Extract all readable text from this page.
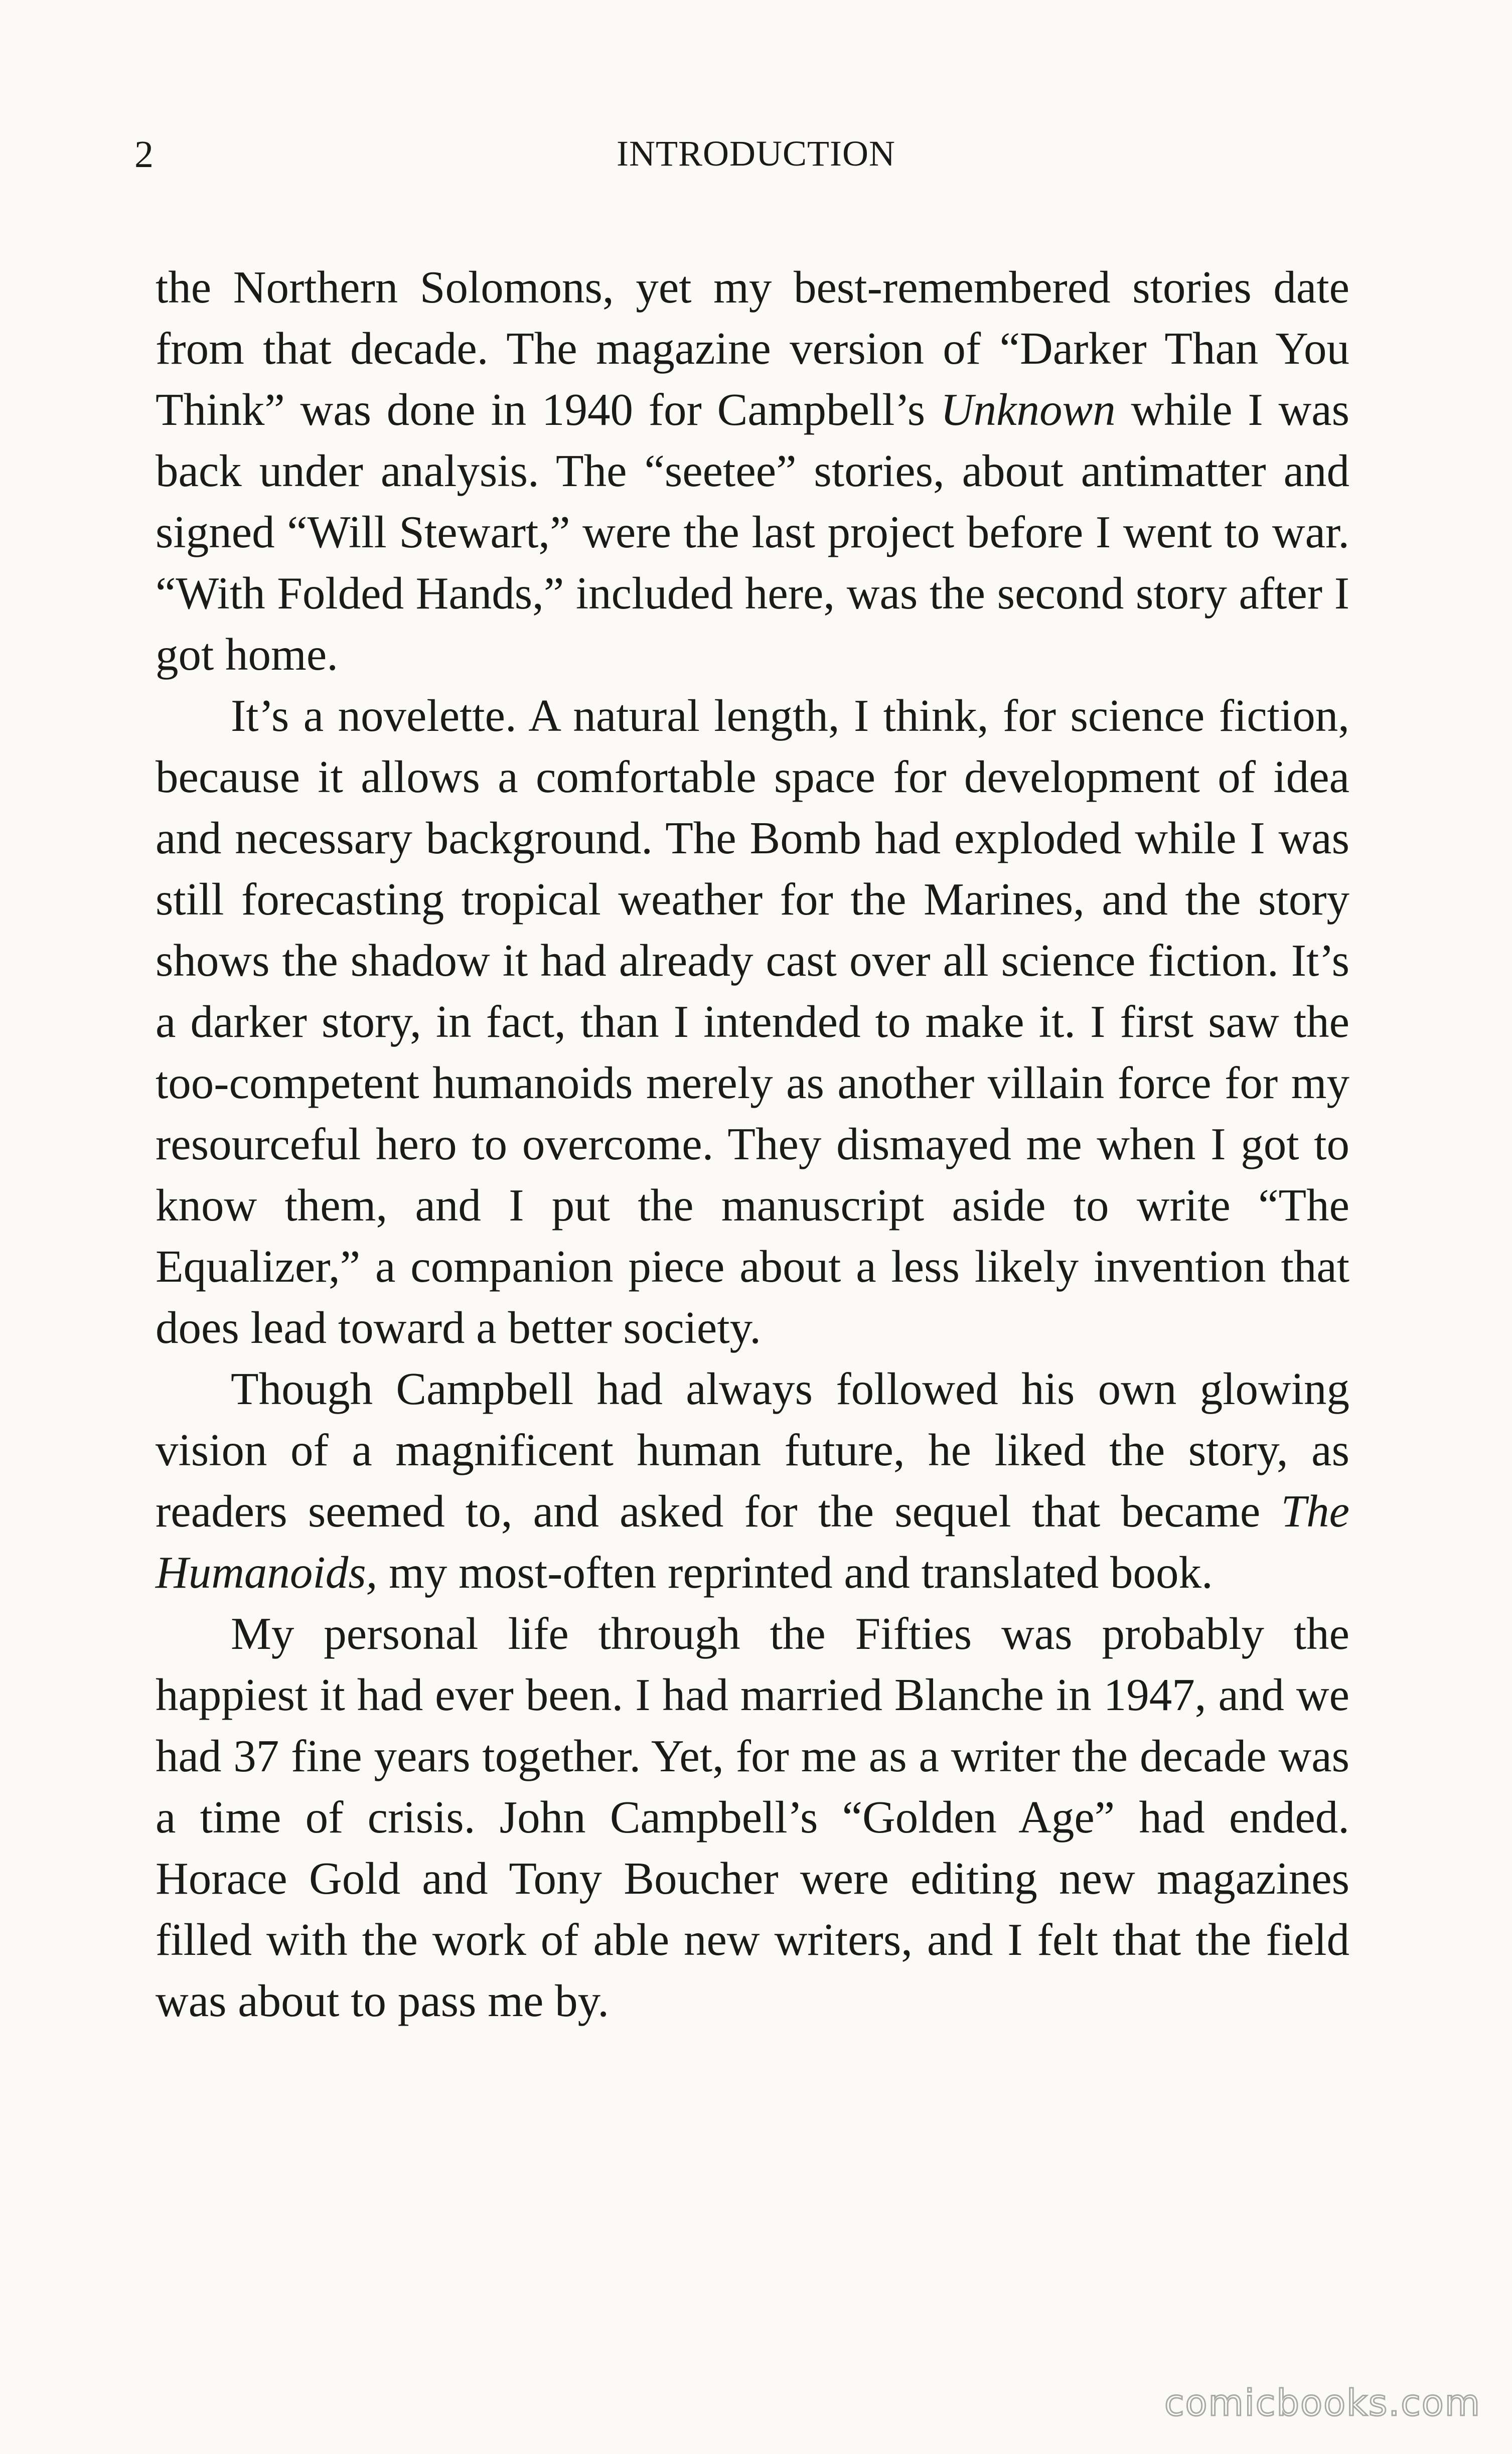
2	INTRODUCTION

the Northern Solomons, yet my best-remembered stories date from that decade. The magazine version of “Darker Than You Think” was done in 1940 for Campbell’s Unknown while I was back under analysis. The “seetee” stories, about antimatter and signed “Will Stewart,” were the last project before I went to war. “With Folded Hands,” included here, was the second story after I got home.

It’s a novelette. A natural length, I think, for science fiction, because it allows a comfortable space for development of idea and necessary background. The Bomb had exploded while I was still forecasting tropical weather for the Marines, and the story shows the shadow it had already cast over all science fiction. It’s a darker story, in fact, than I intended to make it. I first saw the too-competent humanoids merely as another villain force for my resourceful hero to overcome. They dismayed me when I got to know them, and I put the manuscript aside to write “The Equalizer,” a companion piece about a less likely invention that does lead toward a better society.

Though Campbell had always followed his own glowing vision of a magnificent human future, he liked the story, as readers seemed to, and asked for the sequel that became The Humanoids, my most-often reprinted and translated book.

My personal life through the Fifties was probably the happiest it had ever been. I had married Blanche in 1947, and we had 37 fine years together. Yet, for me as a writer the decade was a time of crisis. John Campbell’s “Golden Age” had ended. Horace Gold and Tony Boucher were editing new magazines filled with the work of able new writers, and I felt that the field was about to pass me by.

comicbooks.com
